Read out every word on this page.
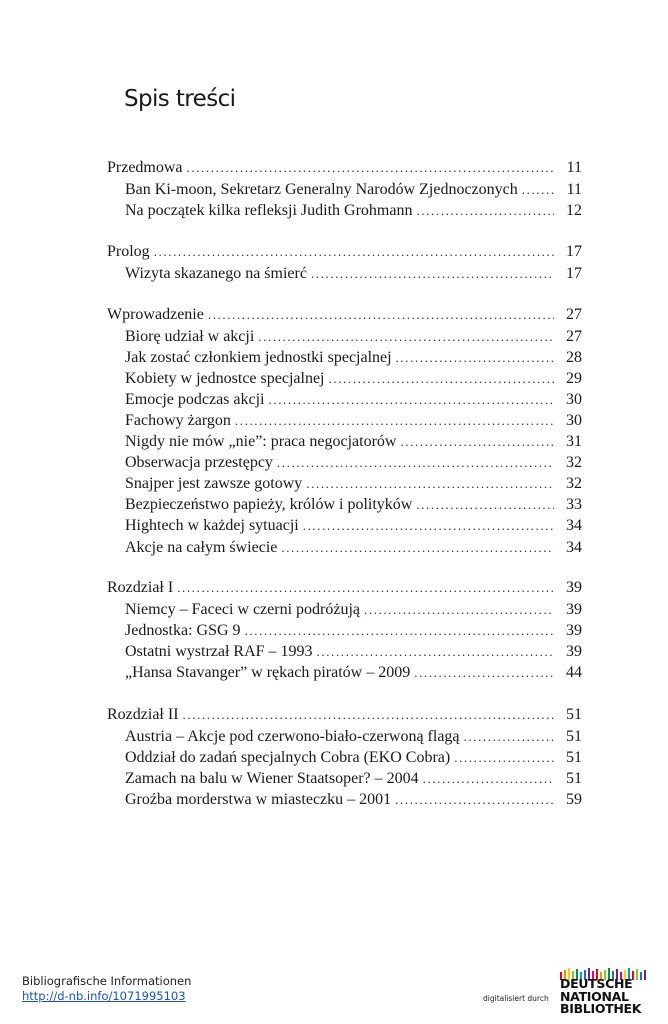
Spis treści
Przedmowa .....	11
Ban Ki-moon, Sekretarz Generalny Narodów Zjednoczonych .....	11
Na początek kilka refleksji Judith Grohmann .....	12
Prolog .....	17
Wizyta skazanego na śmierć .....	17
Wprowadzenie .....	27
Biorę udział w akcji .....	27
Jak zostać członkiem jednostki specjalnej .....	28
Kobiety w jednostce specjalnej .....	29
Emocje podczas akcji .....	30
Fachowy żargon .....	30
Nigdy nie mów „nie”: praca negocjatorów .....	31
Obserwacja przestępcy .....	32
Snajper jest zawsze gotowy .....	32
Bezpieczeństwo papieży, królów i polityków .....	33
Hightech w każdej sytuacji .....	34
Akcje na całym świecie .....	34
Rozdział I .....	39
Niemcy – Faceci w czerni podróżują .....	39
Jednostka: GSG 9 .....	39
Ostatni wystrzał RAF – 1993 .....	39
„Hansa Stavanger” w rękach piratów – 2009 .....	44
Rozdział II .....	51
Austria – Akcje pod czerwono-biało-czerwoną flagą .....	51
Oddział do zadań specjalnych Cobra (EKO Cobra) .....	51
Zamach na balu w Wiener Staatsoper? – 2004 .....	51
Groźba morderstwa w miasteczku – 2001 .....	59
Bibliografische Informationen
http://d-nb.info/1071995103	digitalisiert durch
DEUTSCHE
NATIONAL
BIBLIOTHEK
